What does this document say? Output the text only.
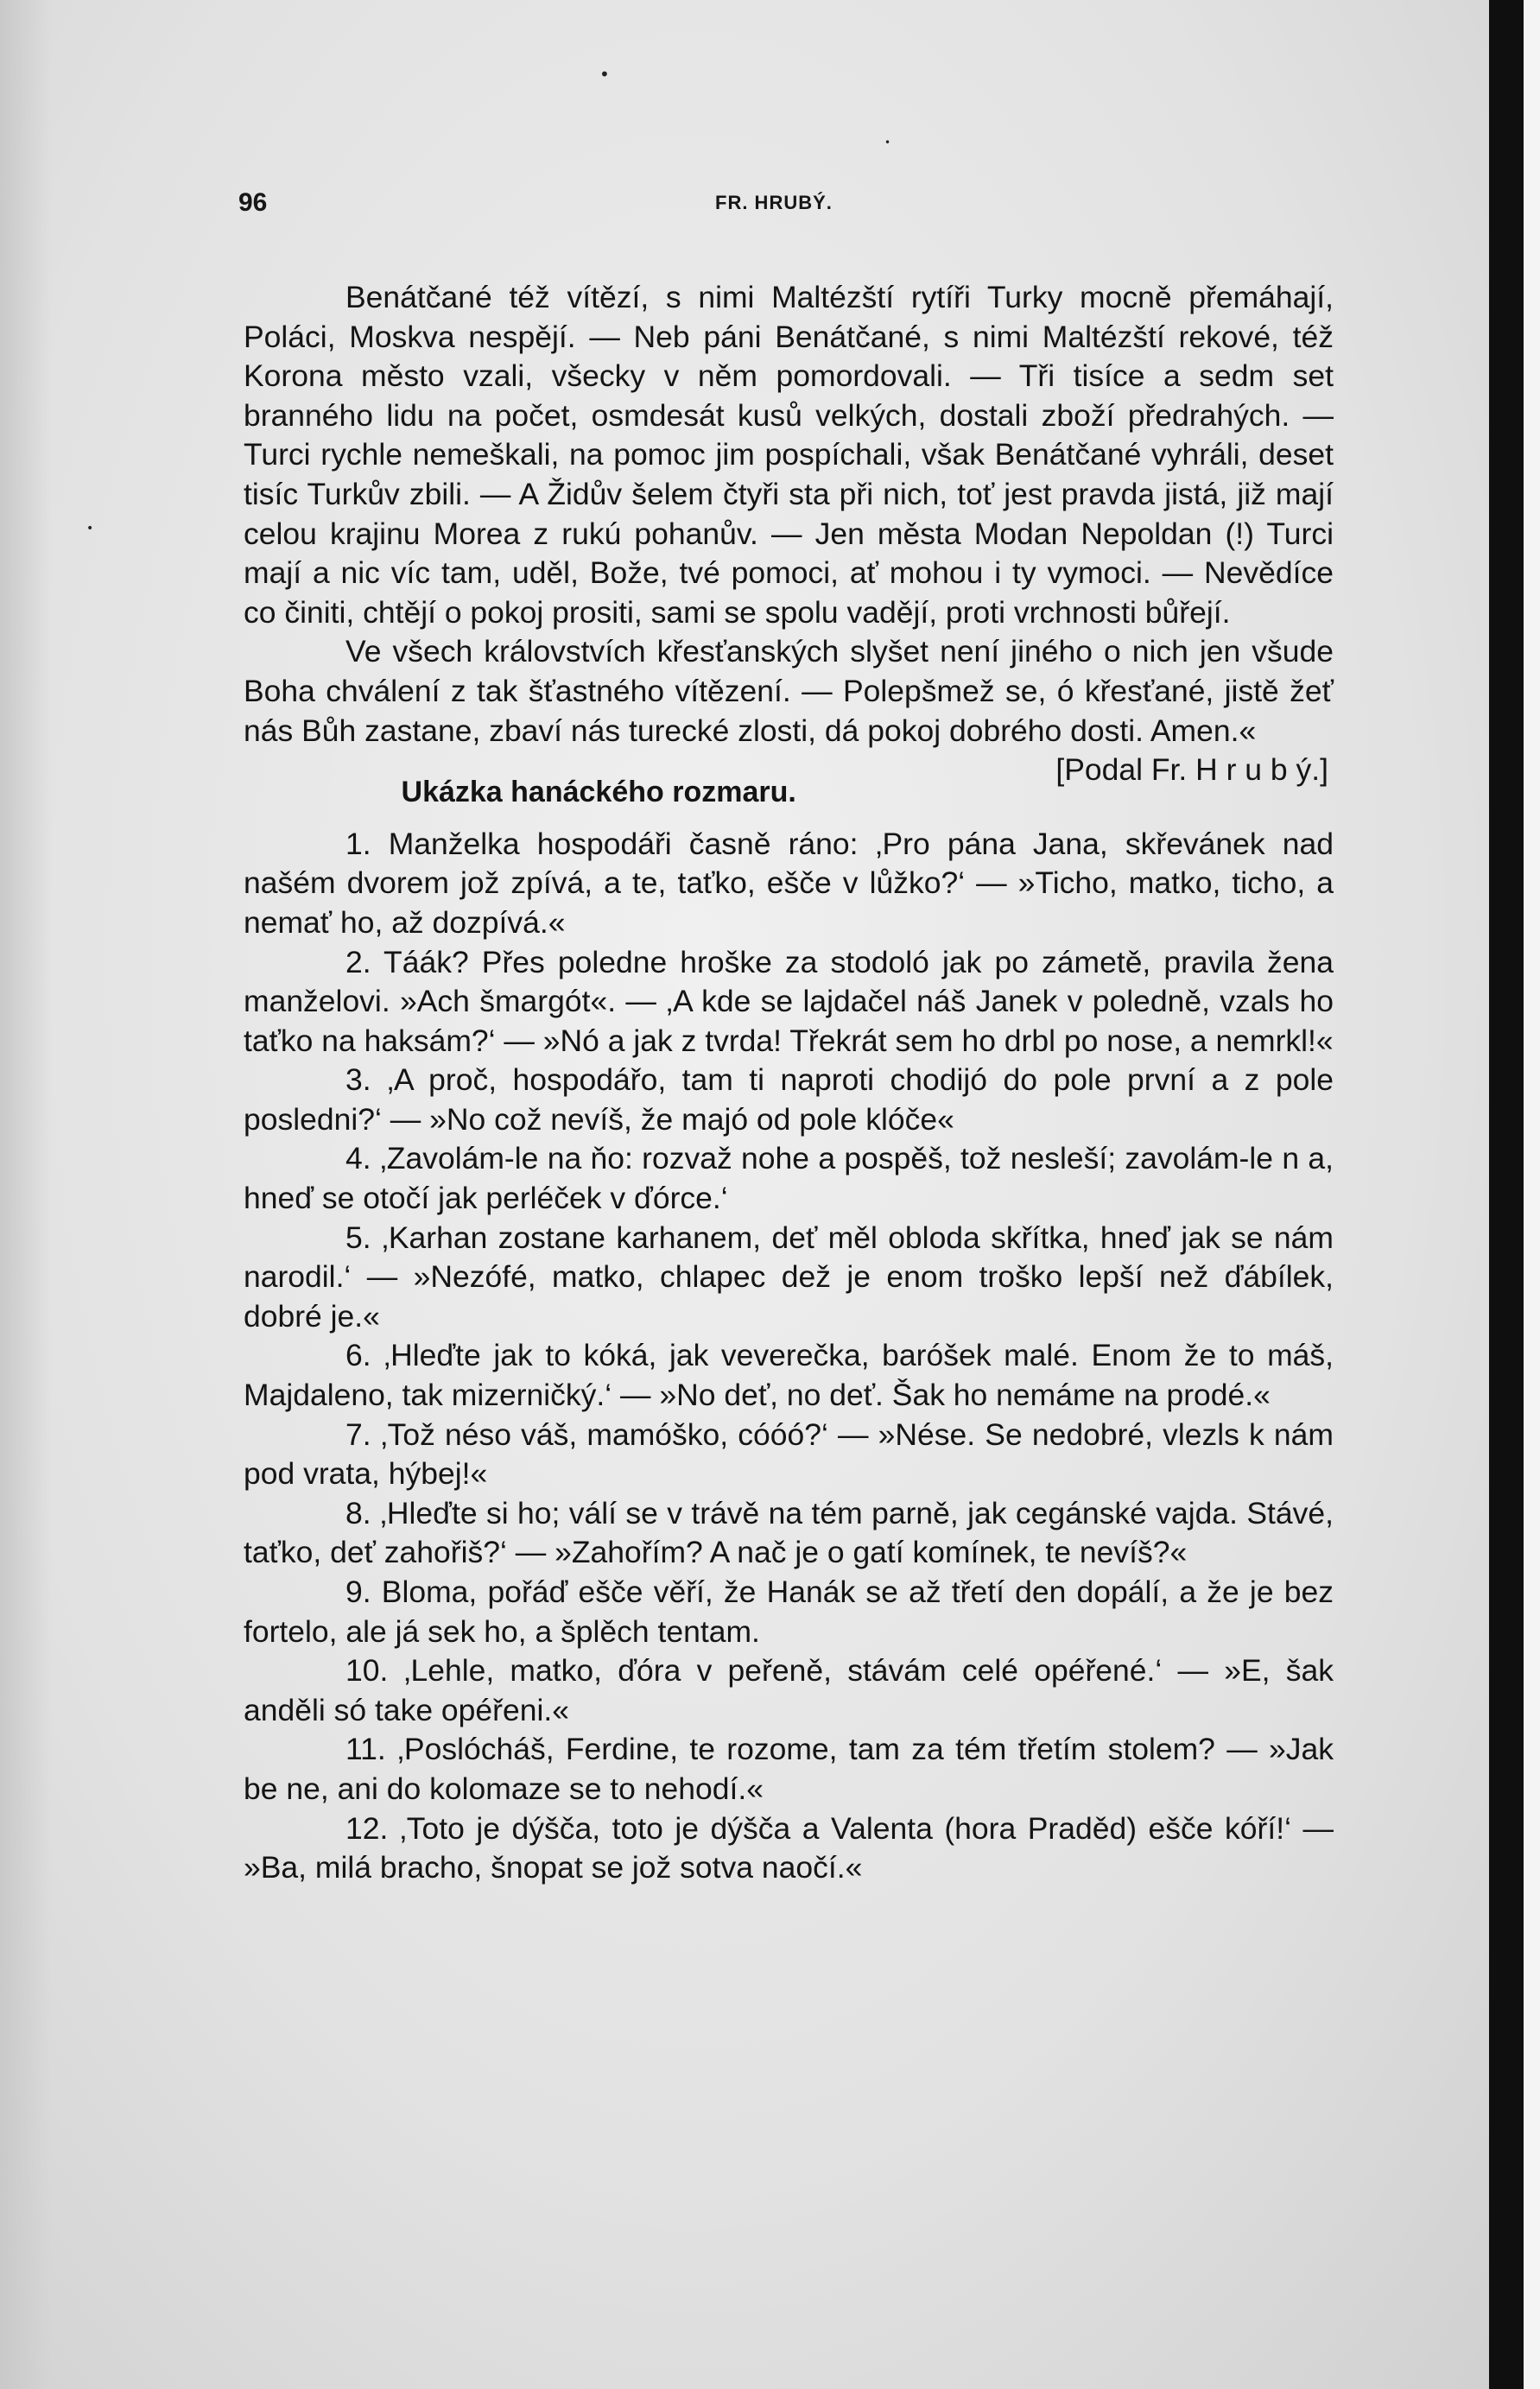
96	FR. HRUBÝ.

Benátčané též vítězí, s nimi Maltézští rytíři Turky mocně přemáhají, Poláci, Moskva nespějí. — Neb páni Benátčané, s nimi Maltézští rekové, též Korona město vzali, všecky v něm pomordovali. — Tři tisíce a sedm set branného lidu na počet, osmdesát kusů velkých, dostali zboží předrahých. — Turci rychle nemeškali, na pomoc jim pospíchali, však Benátčané vyhráli, deset tisíc Turkův zbili. — A Židův šelem čtyři sta při nich, toť jest pravda jistá, již mají celou krajinu Morea z rukú pohanův. — Jen města Modan Nepoldan (!) Turci mají a nic víc tam, uděl, Bože, tvé pomoci, ať mohou i ty vymoci. — Nevědíce co činiti, chtějí o pokoj prositi, sami se spolu vadějí, proti vrchnosti bůřejí.

Ve všech královstvích křesťanských slyšet není jiného o nich jen všude Boha chválení z tak šťastného vítězení. — Polepšmež se, ó křesťané, jistě žeť nás Bůh zastane, zbaví nás turecké zlosti, dá pokoj dobrého dosti. Amen.«
[Podal Fr. H r u b ý.]

Ukázka hanáckého rozmaru.

1. Manželka hospodáři časně ráno: ‚Pro pána Jana, skřevánek nad našém dvorem jož zpívá, a te, taťko, ešče v lůžko?‘ — »Ticho, matko, ticho, a nemať ho, až dozpívá.«

2. Táák? Přes poledne hroške za stodoló jak po zámetě, pravila žena manželovi. »Ach šmargót«. — ‚A kde se lajdačel náš Janek v poledně, vzals ho taťko na haksám?‘ — »Nó a jak z tvrda! Třekrát sem ho drbl po nose, a nemrkl!«

3. ‚A proč, hospodářo, tam ti naproti chodijó do pole první a z pole posledni?‘ — »No což nevíš, že majó od pole klóče«

4. ‚Zavolám-le na ňo: rozvaž nohe a pospěš, tož nesleší; zavolám-le n a, hneď se otočí jak perléček v ďórce.‘

5. ‚Karhan zostane karhanem, deť měl obloda skřítka, hneď jak se nám narodil.‘ — »Nezófé, matko, chlapec dež je enom troško lepší než ďábílek, dobré je.«

6. ‚Hleďte jak to kóká, jak veverečka, baróšek malé. Enom že to máš, Majdaleno, tak mizerničký.‘ — »No deť, no deť. Šak ho nemáme na prodé.«

7. ‚Tož néso váš, mamóško, cóóó?‘ — »Nése. Se nedobré, vlezls k nám pod vrata, hýbej!«

8. ‚Hleďte si ho; válí se v trávě na tém parně, jak cegánské vajda. Stávé, taťko, deť zahořiš?‘ — »Zahořím? A nač je o gatí komínek, te nevíš?«

9. Bloma, pořáď ešče věří, že Hanák se až třetí den dopálí, a že je bez fortelo, ale já sek ho, a šplěch tentam.

10. ‚Lehle, matko, ďóra v peřeně, stávám celé opéřené.‘ — »E, šak anděli só take opéřeni.«

11. ‚Poslócháš, Ferdine, te rozome, tam za tém třetím stolem? — »Jak be ne, ani do kolomaze se to nehodí.«

12. ‚Toto je dýšča, toto je dýšča a Valenta (hora Praděd) ešče kóří!‘ — »Ba, milá bracho, šnopat se jož sotva naočí.«

•
•
•
